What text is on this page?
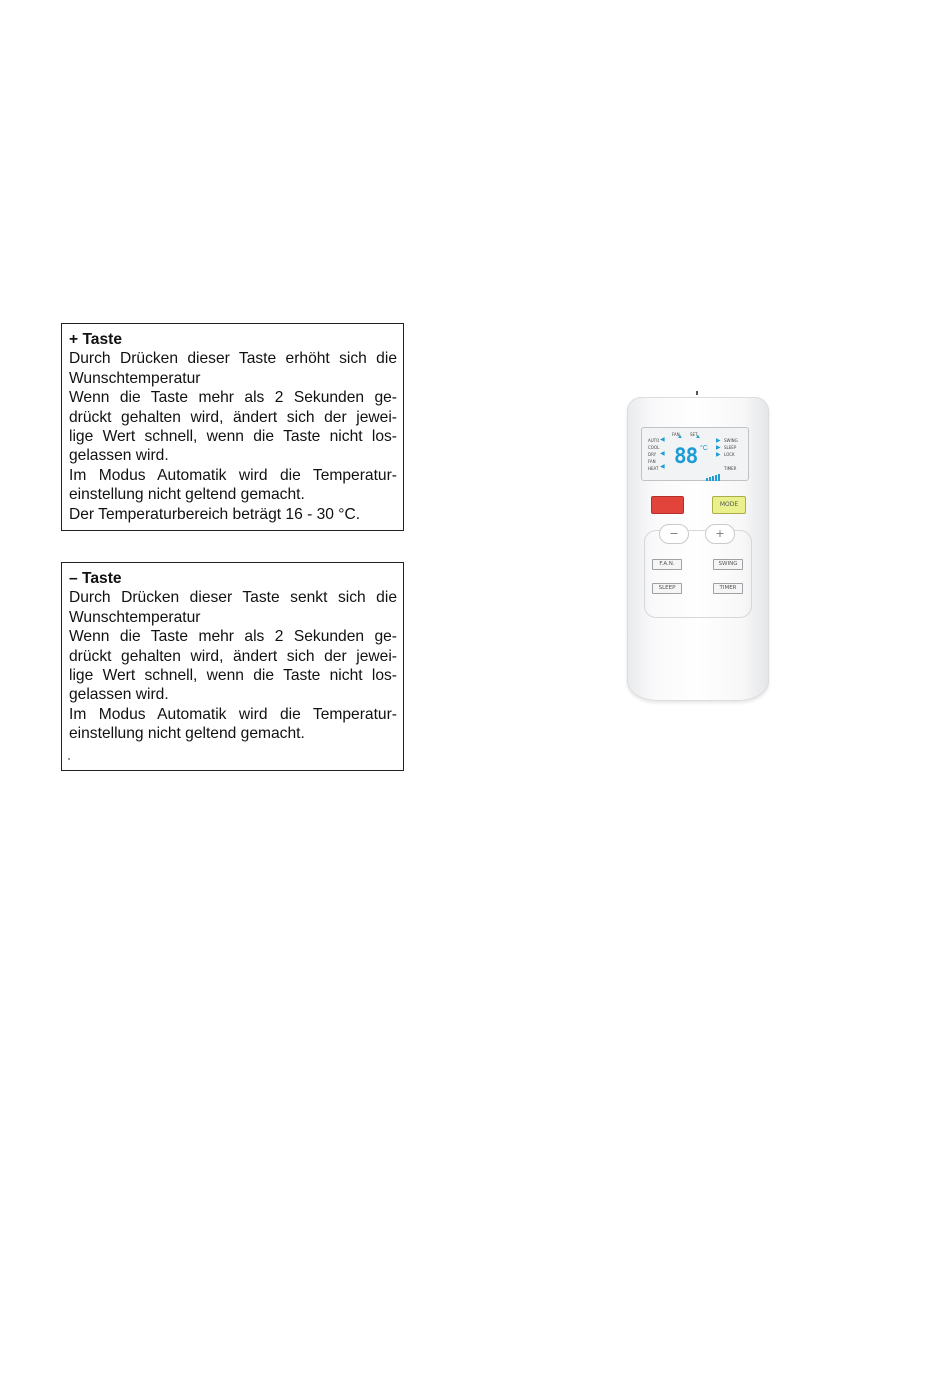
+ Taste
Durch Drücken dieser Taste erhöht sich die
Wunschtemperatur
Wenn die Taste mehr als 2 Sekunden ge-
drückt gehalten wird, ändert sich der jewei-
lige Wert schnell, wenn die Taste nicht los-
gelassen wird.
Im Modus Automatik wird die Temperatur-
einstellung nicht geltend gemacht.
Der Temperaturbereich beträgt 16 - 30 °C.
– Taste
Durch Drücken dieser Taste senkt sich die
Wunschtemperatur
Wenn die Taste mehr als 2 Sekunden ge-
drückt gehalten wird, ändert sich der jewei-
lige Wert schnell, wenn die Taste nicht los-
gelassen wird.
Im Modus Automatik wird die Temperatur-
einstellung nicht geltend gemacht.
FAN	SET
AUTO
COOL
DRY
FAN
HEAT
◀
◀
◀
▲ ▲
88 °C
▶
▶
▶
SWING
SLEEP
LOCK
TIMER
MODE
−	+
F.A.N.	SWING
SLEEP	TIMER
